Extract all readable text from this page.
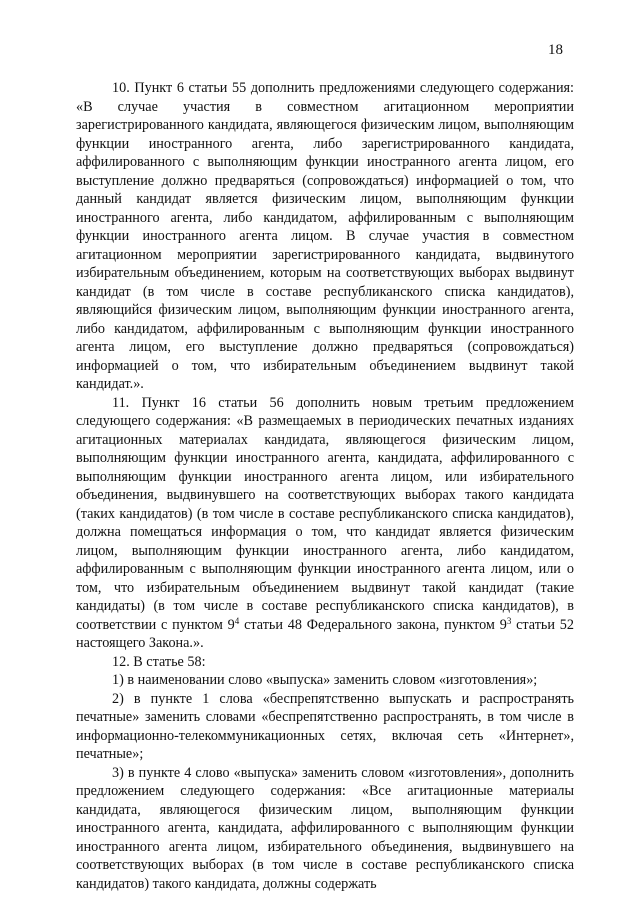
18

10. Пункт 6 статьи 55 дополнить предложениями следующего содержания: «В случае участия в совместном агитационном мероприятии зарегистрированного кандидата, являющегося физическим лицом, выполняющим функции иностранного агента, либо зарегистрированного кандидата, аффилированного с выполняющим функции иностранного агента лицом, его выступление должно предваряться (сопровождаться) информацией о том, что данный кандидат является физическим лицом, выполняющим функции иностранного агента, либо кандидатом, аффилированным с выполняющим функции иностранного агента лицом. В случае участия в совместном агитационном мероприятии зарегистрированного кандидата, выдвинутого избирательным объединением, которым на соответствующих выборах выдвинут кандидат (в том числе в составе республиканского списка кандидатов), являющийся физическим лицом, выполняющим функции иностранного агента, либо кандидатом, аффилированным с выполняющим функции иностранного агента лицом, его выступление должно предваряться (сопровождаться) информацией о том, что избирательным объединением выдвинут такой кандидат.».

11. Пункт 16 статьи 56 дополнить новым третьим предложением следующего содержания: «В размещаемых в периодических печатных изданиях агитационных материалах кандидата, являющегося физическим лицом, выполняющим функции иностранного агента, кандидата, аффилированного с выполняющим функции иностранного агента лицом, или избирательного объединения, выдвинувшего на соответствующих выборах такого кандидата (таких кандидатов) (в том числе в составе республиканского списка кандидатов), должна помещаться информация о том, что кандидат является физическим лицом, выполняющим функции иностранного агента, либо кандидатом, аффилированным с выполняющим функции иностранного агента лицом, или о том, что избирательным объединением выдвинут такой кандидат (такие кандидаты) (в том числе в составе республиканского списка кандидатов), в соответствии с пунктом $9^4$ статьи 48 Федерального закона, пунктом $9^3$ статьи 52 настоящего Закона.».

12. В статье 58:

1) в наименовании слово «выпуска» заменить словом «изготовления»;

2) в пункте 1 слова «беспрепятственно выпускать и распространять печатные» заменить словами «беспрепятственно распространять, в том числе в информационно-телекоммуникационных сетях, включая сеть «Интернет», печатные»;

3) в пункте 4 слово «выпуска» заменить словом «изготовления», дополнить предложением следующего содержания: «Все агитационные материалы кандидата, являющегося физическим лицом, выполняющим функции иностранного агента, кандидата, аффилированного с выполняющим функции иностранного агента лицом, избирательного объединения, выдвинувшего на соответствующих выборах (в том числе в составе республиканского списка кандидатов) такого кандидата, должны содержать
